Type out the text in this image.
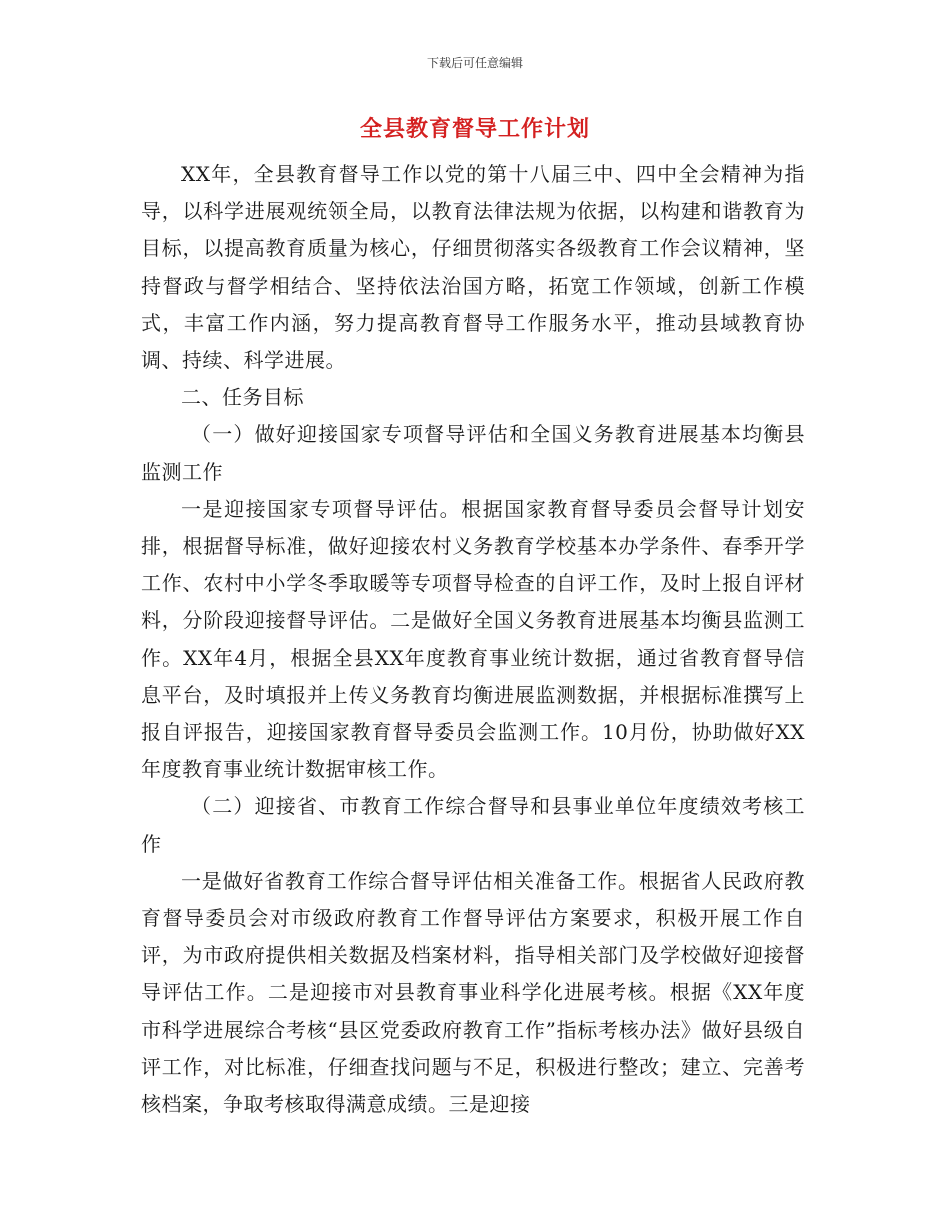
下载后可任意编辑
全县教育督导工作计划

XX年，全县教育督导工作以党的第十八届三中、四中全会精神为指导，以科学进展观统领全局，以教育法律法规为依据，以构建和谐教育为目标，以提高教育质量为核心，仔细贯彻落实各级教育工作会议精神，坚持督政与督学相结合、坚持依法治国方略，拓宽工作领域，创新工作模式，丰富工作内涵，努力提高教育督导工作服务水平，推动县域教育协调、持续、科学进展。

二、任务目标

（一）做好迎接国家专项督导评估和全国义务教育进展基本均衡县监测工作

一是迎接国家专项督导评估。根据国家教育督导委员会督导计划安排，根据督导标准，做好迎接农村义务教育学校基本办学条件、春季开学工作、农村中小学冬季取暖等专项督导检查的自评工作，及时上报自评材料，分阶段迎接督导评估。二是做好全国义务教育进展基本均衡县监测工作。XX年4月，根据全县XX年度教育事业统计数据，通过省教育督导信息平台，及时填报并上传义务教育均衡进展监测数据，并根据标准撰写上报自评报告，迎接国家教育督导委员会监测工作。10月份，协助做好XX年度教育事业统计数据审核工作。

（二）迎接省、市教育工作综合督导和县事业单位年度绩效考核工作

一是做好省教育工作综合督导评估相关准备工作。根据省人民政府教育督导委员会对市级政府教育工作督导评估方案要求，积极开展工作自评，为市政府提供相关数据及档案材料，指导相关部门及学校做好迎接督导评估工作。二是迎接市对县教育事业科学化进展考核。根据《XX年度市科学进展综合考核“县区党委政府教育工作”指标考核办法》做好县级自评工作，对比标准，仔细查找问题与不足，积极进行整改；建立、完善考核档案，争取考核取得满意成绩。三是迎接
